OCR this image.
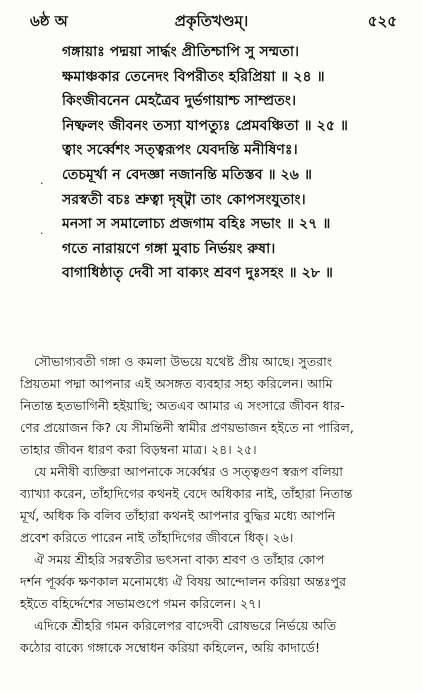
৬ষ্ঠ অ	প্রকৃতিখণ্ডম্।	৫২৫
গঙ্গায়াঃ পদ্ময়া সার্দ্ধং প্রীতিশ্চাপি সু সম্মতা।
ক্ষমাঞ্চকার তেনেদং বিপরীতং হরিপ্রিয়া ॥ ২৪ ॥
কিংজীবনেন মেহত্রৈব দুর্ভগায়াশ্চ সাম্প্রতং।
নিষ্ফলং জীবনং তস্যা যাপত্যুঃ প্রেমবঞ্চিতা ॥ ২৫ ॥
ত্বাং সর্ব্বেশং সত্ত্বরূপং যেবদন্তি মনীষিণঃ।
তেচমূর্খা ন বেদজ্ঞা নজানন্তি মতিস্তব ॥ ২৬ ॥
সরস্বতী বচঃ শ্রুত্বা দৃষ্ট্বা তাং কোপসংযুতাং।
মনসা স সমালোচ্য প্রজগাম বহিঃ সভাং ॥ ২৭ ॥
গতে নারায়ণে গঙ্গা মুবাচ নির্ভয়ং রুষা।
বাগাধিষ্ঠাতৃ দেবী সা বাক্যং শ্রবণ দুঃসহং ॥ ২৮ ॥
সৌভাগ্যবতী গঙ্গা ও কমলা উভয়ে যথেষ্ট প্রীয় আছে। সুতরাং
প্রিয়তমা পদ্মা আপনার এই অসঙ্গত ব্যবহার সহ্য করিলেন। আমি
নিতান্ত হতভাগিনী হইয়াছি; অতএব আমার এ সংসারে জীবন ধার-
ণের প্রয়োজন কি? যে সীমন্তিনী স্বামীর প্রণয়ভাজন হইতে না পারিল,
তাহার জীবন ধারণ করা বিড়ম্বনা মাত্র। ২৪। ২৫।
যে মনীষী ব্যক্তিরা আপনাকে সর্ব্বেশ্বর ও সত্ত্বগুণ স্বরূপ বলিয়া
ব্যাখ্যা করেন, তাঁহাদিগের কথনই বেদে অধিকার নাই, তাঁহারা নিতান্ত
মূর্খ, অধিক কি বলিব তাঁহারা কথনই আপনার বুদ্ধির মধ্যে আপনি
প্রবেশ করিতে পারেন নাই তাঁহাদিগের জীবনে ধিক্। ২৬।
ঐ সময় শ্রীহরি সরস্বতীর ভৎসনা বাক্য শ্রবণ ও তাঁহার কোপ
দর্শন পূর্ব্বক ক্ষণকাল মনোমধ্যে ঐ বিষয় আন্দোলন করিয়া অন্তঃপুর
হইতে বহির্দ্দেশের সভামণ্ডপে গমন করিলেন। ২৭।
এদিকে শ্রীহরি গমন করিলেপর বাগ্দেবী রোষভরে নির্ভয়ে অতি
কঠোর বাক্যে গঙ্গাকে সম্বোধন করিয়া কহিলেন, অয়ি কাদার্ডে!
·
·
